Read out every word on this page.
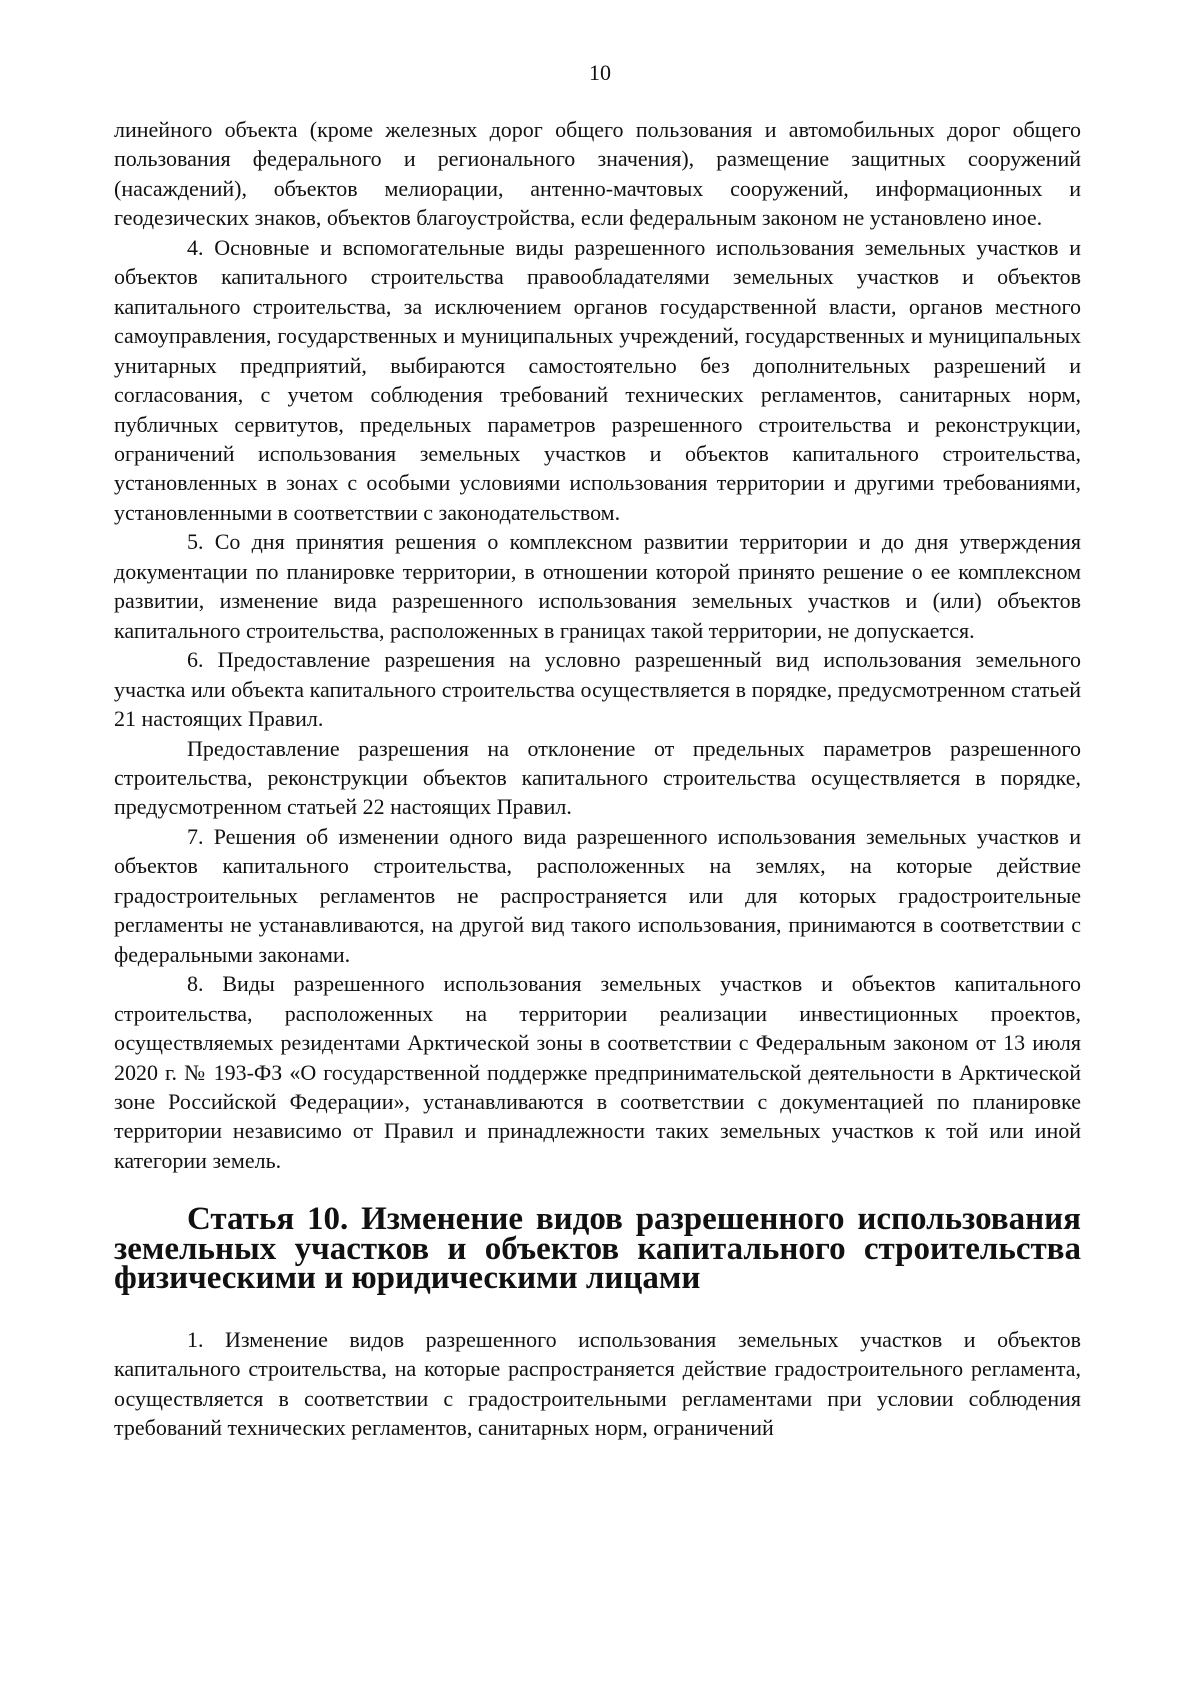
10

линейного объекта (кроме железных дорог общего пользования и автомобильных дорог общего пользования федерального и регионального значения), размещение защитных сооружений (насаждений), объектов мелиорации, антенно-мачтовых сооружений, информационных и геодезических знаков, объектов благоустройства, если федеральным законом не установлено иное.

4. Основные и вспомогательные виды разрешенного использования земельных участков и объектов капитального строительства правообладателями земельных участков и объектов капитального строительства, за исключением органов государственной власти, органов местного самоуправления, государственных и муниципальных учреждений, государственных и муниципальных унитарных предприятий, выбираются самостоятельно без дополнительных разрешений и согласования, с учетом соблюдения требований технических регламентов, санитарных норм, публичных сервитутов, предельных параметров разрешенного строительства и реконструкции, ограничений использования земельных участков и объектов капитального строительства, установленных в зонах с особыми условиями использования территории и другими требованиями, установленными в соответствии с законодательством.

5. Со дня принятия решения о комплексном развитии территории и до дня утверждения документации по планировке территории, в отношении которой принято решение о ее комплексном развитии, изменение вида разрешенного использования земельных участков и (или) объектов капитального строительства, расположенных в границах такой территории, не допускается.

6. Предоставление разрешения на условно разрешенный вид использования земельного участка или объекта капитального строительства осуществляется в порядке, предусмотренном статьей 21 настоящих Правил.

Предоставление разрешения на отклонение от предельных параметров разрешенного строительства, реконструкции объектов капитального строительства осуществляется в порядке, предусмотренном статьей 22 настоящих Правил.

7. Решения об изменении одного вида разрешенного использования земельных участков и объектов капитального строительства, расположенных на землях, на которые действие градостроительных регламентов не распространяется или для которых градостроительные регламенты не устанавливаются, на другой вид такого использования, принимаются в соответствии с федеральными законами.

8. Виды разрешенного использования земельных участков и объектов капитального строительства, расположенных на территории реализации инвестиционных проектов, осуществляемых резидентами Арктической зоны в соответствии с Федеральным законом от 13 июля 2020 г. № 193-ФЗ «О государственной поддержке предпринимательской деятельности в Арктической зоне Российской Федерации», устанавливаются в соответствии с документацией по планировке территории независимо от Правил и принадлежности таких земельных участков к той или иной категории земель.

Статья 10. Изменение видов разрешенного использования земельных участков и объектов капитального строительства физическими и юридическими лицами

1. Изменение видов разрешенного использования земельных участков и объектов капитального строительства, на которые распространяется действие градостроительного регламента, осуществляется в соответствии с градостроительными регламентами при условии соблюдения требований технических регламентов, санитарных норм, ограничений
